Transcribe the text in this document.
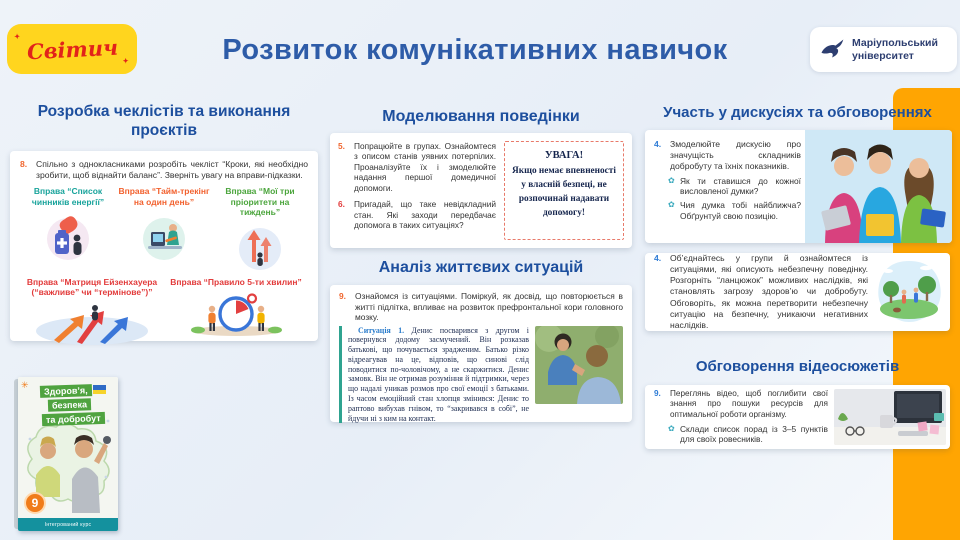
✦ Світич ✦	Розвиток комунікативних навичок	Маріупольський
університет
Розробка чеклістів та виконання проєктів
8.	Спільно з однокласниками розробіть чекліст “Кроки, які необхідно зробити, щоб віднайти баланс”. Зверніть увагу на вправи-підказки.
Вправа “Список чинників енергії”
Вправа “Тайм-трекінг на один день”
Вправа “Мої три пріоритети на тиждень”
Вправа “Матриця Ейзенхауера (“важливе” чи “термінове”)”
Вправа “Правило 5-ти хвилин”
✳
Здоров’я,
безпека
та добробут
9
Інтегрований курс
Моделювання поведінки
5.	Попрацюйте в групах. Ознайомтеся з описом станів уявних потерпілих. Проаналізуйте їх і змоделюйте надання першої домедичної допомоги.
6.	Пригадай, що таке невідкладний стан. Які заходи передбачає допомога в таких ситуаціях?
УВАГА!
Якщо немає впевненості у власній безпеці, не розпочинай надавати допомогу!
Аналіз життєвих ситуацій
9.	Ознайомся із ситуаціями. Поміркуй, як досвід, що повторюється в житті підлітка, впливає на розвиток префронтальної кори головного мозку.

Ситуація 1. Денис посварився з другом і повернувся додому засмучений. Він розказав батькові, що почувається зрадженим. Батько різко відреагував на це, відповів, що синові слід поводитися по-чоловічому, а не скаржитися. Денис замовк. Він не отримав розуміння й підтримки, через що надалі уникав розмов про свої емоції з батьками. Із часом емоційний стан хлопця змінився: Денис то раптово вибухав гнівом, то “закривався в собі”, не йдучи ні з ким на контакт.

Участь у дискусіях та обговореннях
4.	Змоделюйте дискусію про значущість складників добробуту та їхніх показників.
✿ Як ти ставишся до кожної висловленої думки?
✿ Чия думка тобі найближча? Обґрунтуй свою позицію.
4.	Об’єднайтесь у групи й ознайомтеся із ситуаціями, які описують небезпечну поведінку. Розгорніть “ланцюжок” можливих наслідків, які становлять загрозу здоров’ю чи добробуту. Обговоріть, як можна перетворити небезпечну ситуацію на безпечну, уникаючи негативних наслідків.
Обговорення відеосюжетів
9.	Переглянь відео, щоб поглибити свої знання про пошуки ресурсів для оптимальної роботи організму.
✿ Склади список порад із 3–5 пунктів для своїх ровесників.
